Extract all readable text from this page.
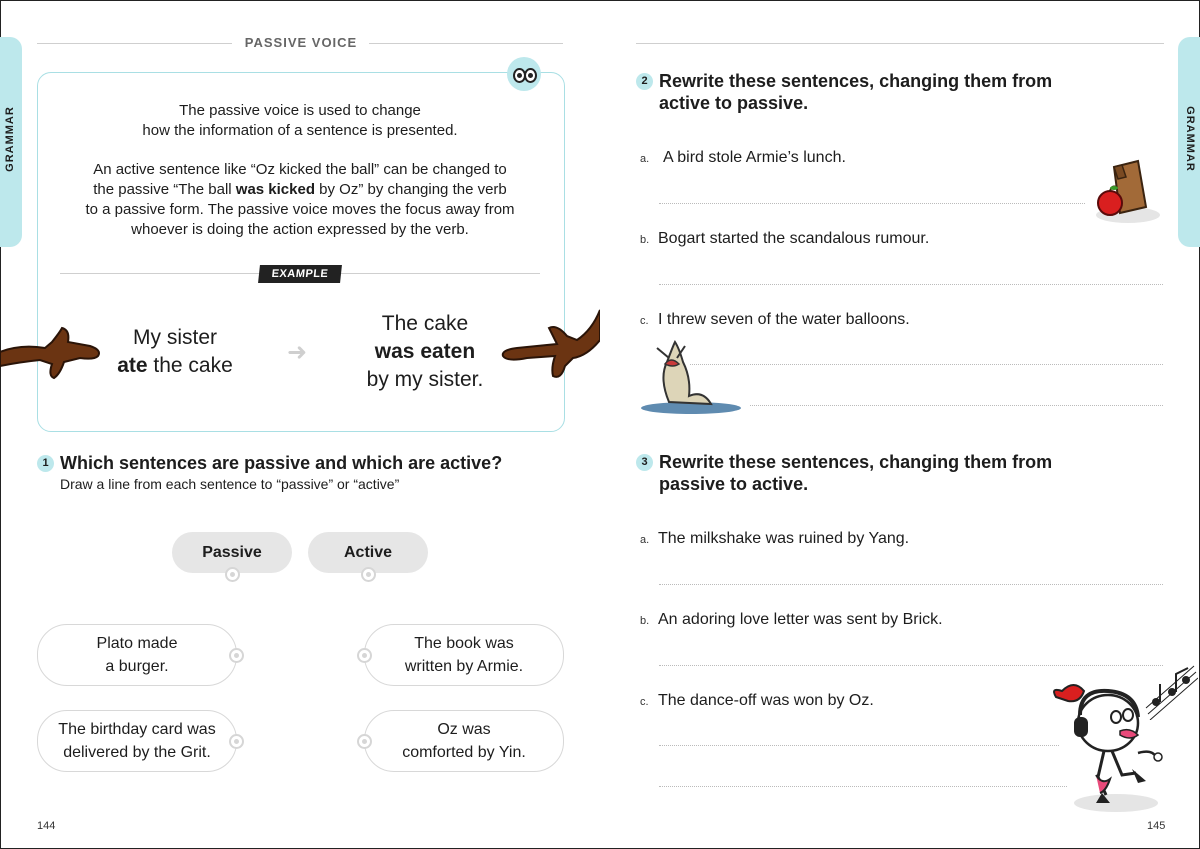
GRAMMAR	GRAMMAR
PASSIVE VOICE
The passive voice is used to change
how the information of a sentence is presented.
An active sentence like “Oz kicked the ball” can be changed to
the passive “The ball was kicked by Oz” by changing the verb
to a passive form. The passive voice moves the focus away from
whoever is doing the action expressed by the verb.
EXAMPLE
My sister
ate the cake	➜
The cake
was eaten
by my sister.
1 Which sentences are passive and which are active?
Draw a line from each sentence to “passive” or “active”
Passive	Active
Plato made
a burger.
The book was
written by Armie.
The birthday card was
delivered by the Grit.
Oz was
comforted by Yin.
144
2 Rewrite these sentences, changing them from
active to passive.
a. A bird stole Armie’s lunch.
b. Bogart started the scandalous rumour.
c. I threw seven of the water balloons.
3 Rewrite these sentences, changing them from
passive to active.
a. The milkshake was ruined by Yang.
b. An adoring love letter was sent by Brick.
c. The dance-off was won by Oz.
145
